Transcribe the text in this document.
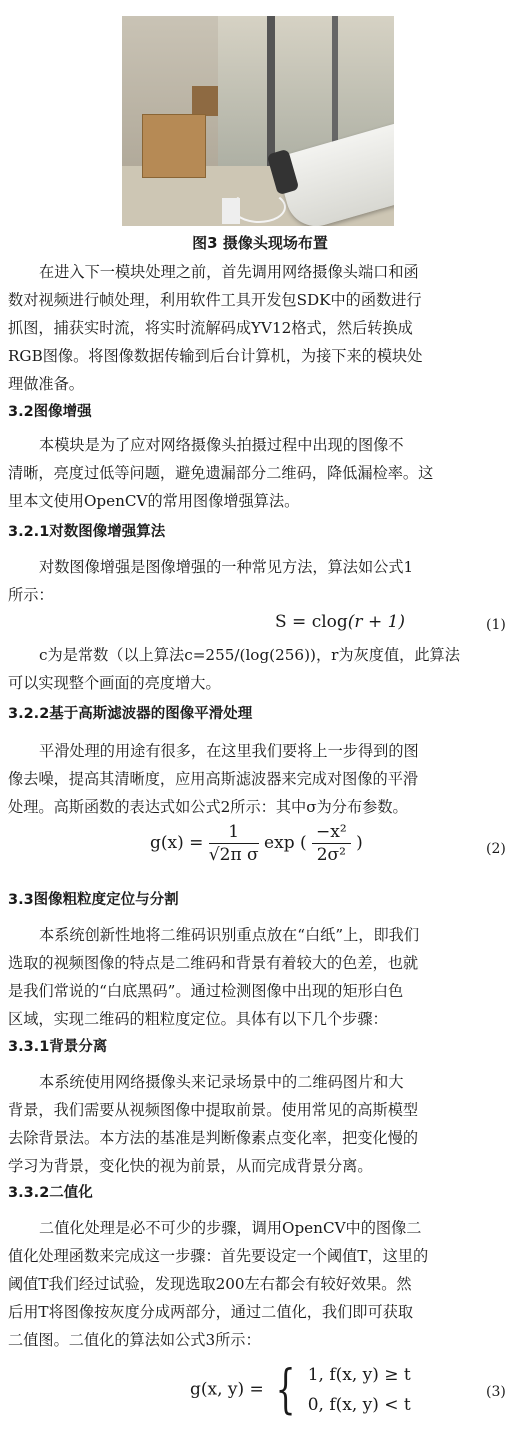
图3 摄像头现场布置
在进入下一模块处理之前，首先调用网络摄像头端口和函
数对视频进行帧处理，利用软件工具开发包SDK中的函数进行
抓图，捕获实时流，将实时流解码成YV12格式，然后转换成
RGB图像。将图像数据传输到后台计算机，为接下来的模块处
理做准备。
3.2图像增强
本模块是为了应对网络摄像头拍摄过程中出现的图像不
清晰，亮度过低等问题，避免遗漏部分二维码，降低漏检率。这
里本文使用OpenCV的常用图像增强算法。
3.2.1对数图像增强算法
对数图像增强是图像增强的一种常见方法，算法如公式1
所示：
S = clog(r + 1)	(1)
c为是常数（以上算法c=255/(log(256))，r为灰度值，此算法
可以实现整个画面的亮度增大。
3.2.2基于高斯滤波器的图像平滑处理
平滑处理的用途有很多，在这里我们要将上一步得到的图
像去噪，提高其清晰度，应用高斯滤波器来完成对图像的平滑
处理。高斯函数的表达式如公式2所示：其中σ为分布参数。
$g(x) = \frac{1}{\text{√2π σ}}$ exp ( $\frac{\text{−x²}}{\text{2σ²}}$ )	(2)
3.3图像粗粒度定位与分割
本系统创新性地将二维码识别重点放在“白纸”上，即我们
选取的视频图像的特点是二维码和背景有着较大的色差，也就
是我们常说的“白底黑码”。通过检测图像中出现的矩形白色
区域，实现二维码的粗粒度定位。具体有以下几个步骤：
3.3.1背景分离
本系统使用网络摄像头来记录场景中的二维码图片和大
背景，我们需要从视频图像中提取前景。使用常见的高斯模型
去除背景法。本方法的基准是判断像素点变化率，把变化慢的
学习为背景，变化快的视为前景，从而完成背景分离。
3.3.2二值化
二值化处理是必不可少的步骤，调用OpenCV中的图像二
值化处理函数来完成这一步骤：首先要设定一个阈值T，这里的
阈值T我们经过试验，发现选取200左右都会有较好效果。然
后用T将图像按灰度分成两部分，通过二值化，我们即可获取
二值图。二值化的算法如公式3所示：
g(x, y) = { 1, f(x, y) ≥ t
0, f(x, y) < t
(3)
